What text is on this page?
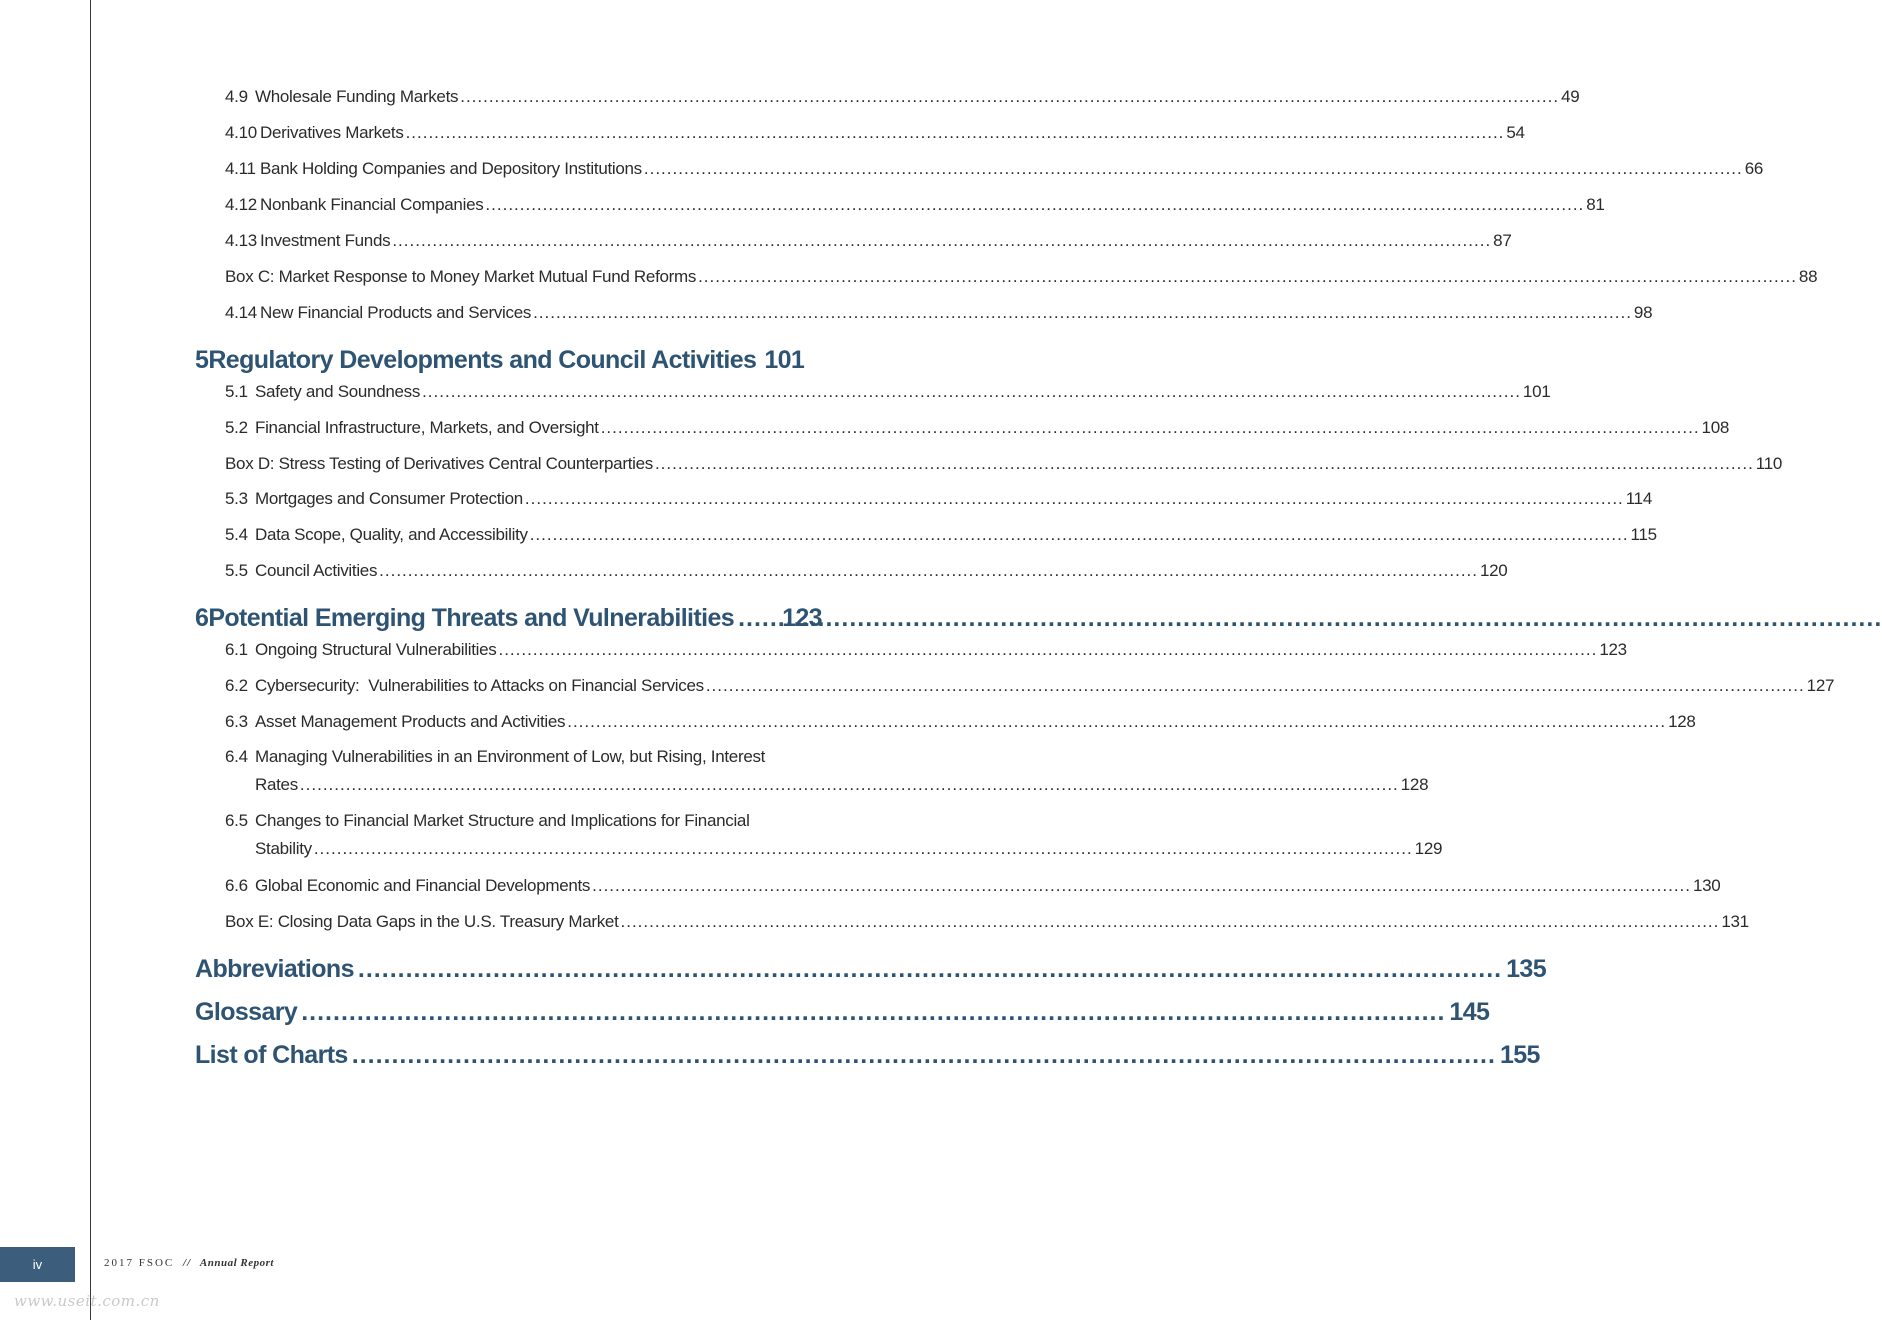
4.9 Wholesale Funding Markets .....	49
4.10 Derivatives Markets .....	54
4.11 Bank Holding Companies and Depository Institutions .....	66
4.12 Nonbank Financial Companies .....	81
4.13 Investment Funds .....	87
Box C: Market Response to Money Market Mutual Fund Reforms .....	88
4.14 New Financial Products and Services .....	98
5 Regulatory Developments and Council Activities 101
5.1 Safety and Soundness .....	101
5.2 Financial Infrastructure, Markets, and Oversight .....	108
Box D: Stress Testing of Derivatives Central Counterparties .....	110
5.3 Mortgages and Consumer Protection .....	114
5.4 Data Scope, Quality, and Accessibility .....	115
5.5 Council Activities .....	120
6 Potential Emerging Threats and Vulnerabilities ..... 123
6.1 Ongoing Structural Vulnerabilities .....	123
6.2 Cybersecurity:  Vulnerabilities to Attacks on Financial Services .....	127
6.3 Asset Management Products and Activities .....	128
6.4 Managing Vulnerabilities in an Environment of Low, but Rising, Interest
Rates .....	128
6.5 Changes to Financial Market Structure and Implications for Financial
Stability .....	129
6.6 Global Economic and Financial Developments .....	130
Box E: Closing Data Gaps in the U.S. Treasury Market .....	131
Abbreviations .....	135
Glossary .....	145
List of Charts .....	155
iv	2017 FSOC // Annual Report
www.useit.com.cn
